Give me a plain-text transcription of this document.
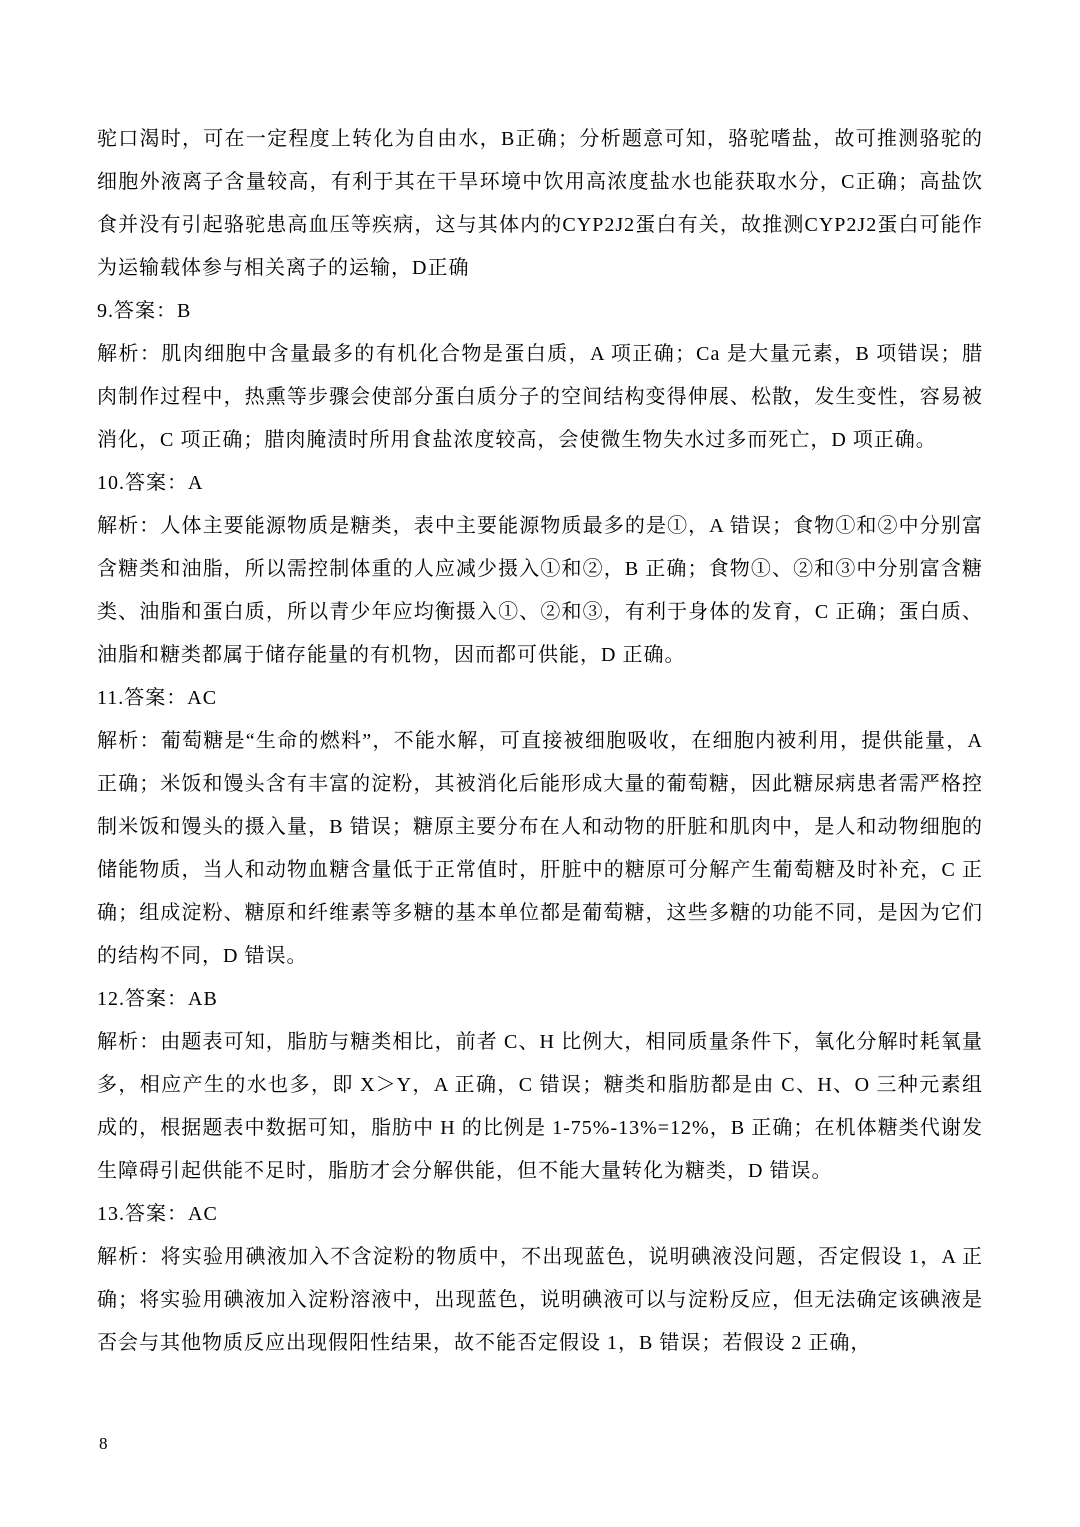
驼口渴时，可在一定程度上转化为自由水，B正确；分析题意可知，骆驼嗜盐，故可推测骆驼的细胞外液离子含量较高，有利于其在干旱环境中饮用高浓度盐水也能获取水分，C正确；高盐饮食并没有引起骆驼患高血压等疾病，这与其体内的CYP2J2蛋白有关，故推测CYP2J2蛋白可能作为运输载体参与相关离子的运输，D正确

9.答案：B

解析：肌肉细胞中含量最多的有机化合物是蛋白质，A 项正确；Ca 是大量元素，B 项错误；腊肉制作过程中，热熏等步骤会使部分蛋白质分子的空间结构变得伸展、松散，发生变性，容易被消化，C 项正确；腊肉腌渍时所用食盐浓度较高，会使微生物失水过多而死亡，D 项正确。

10.答案：A

解析：人体主要能源物质是糖类，表中主要能源物质最多的是①，A 错误；食物①和②中分别富含糖类和油脂，所以需控制体重的人应减少摄入①和②，B 正确；食物①、②和③中分别富含糖类、油脂和蛋白质，所以青少年应均衡摄入①、②和③，有利于身体的发育，C 正确；蛋白质、油脂和糖类都属于储存能量的有机物，因而都可供能，D 正确。

11.答案：AC

解析：葡萄糖是“生命的燃料”，不能水解，可直接被细胞吸收，在细胞内被利用，提供能量，A 正确；米饭和馒头含有丰富的淀粉，其被消化后能形成大量的葡萄糖，因此糖尿病患者需严格控制米饭和馒头的摄入量，B 错误；糖原主要分布在人和动物的肝脏和肌肉中，是人和动物细胞的储能物质，当人和动物血糖含量低于正常值时，肝脏中的糖原可分解产生葡萄糖及时补充，C 正确；组成淀粉、糖原和纤维素等多糖的基本单位都是葡萄糖，这些多糖的功能不同，是因为它们的结构不同，D 错误。

12.答案：AB

解析：由题表可知，脂肪与糖类相比，前者 C、H 比例大，相同质量条件下，氧化分解时耗氧量多，相应产生的水也多，即 X＞Y，A 正确，C 错误；糖类和脂肪都是由 C、H、O 三种元素组成的，根据题表中数据可知，脂肪中 H 的比例是 1-75%-13%=12%，B 正确；在机体糖类代谢发生障碍引起供能不足时，脂肪才会分解供能，但不能大量转化为糖类，D 错误。

13.答案：AC

解析：将实验用碘液加入不含淀粉的物质中，不出现蓝色，说明碘液没问题，否定假设 1，A 正确；将实验用碘液加入淀粉溶液中，出现蓝色，说明碘液可以与淀粉反应，但无法确定该碘液是否会与其他物质反应出现假阳性结果，故不能否定假设 1，B 错误；若假设 2 正确，

8
